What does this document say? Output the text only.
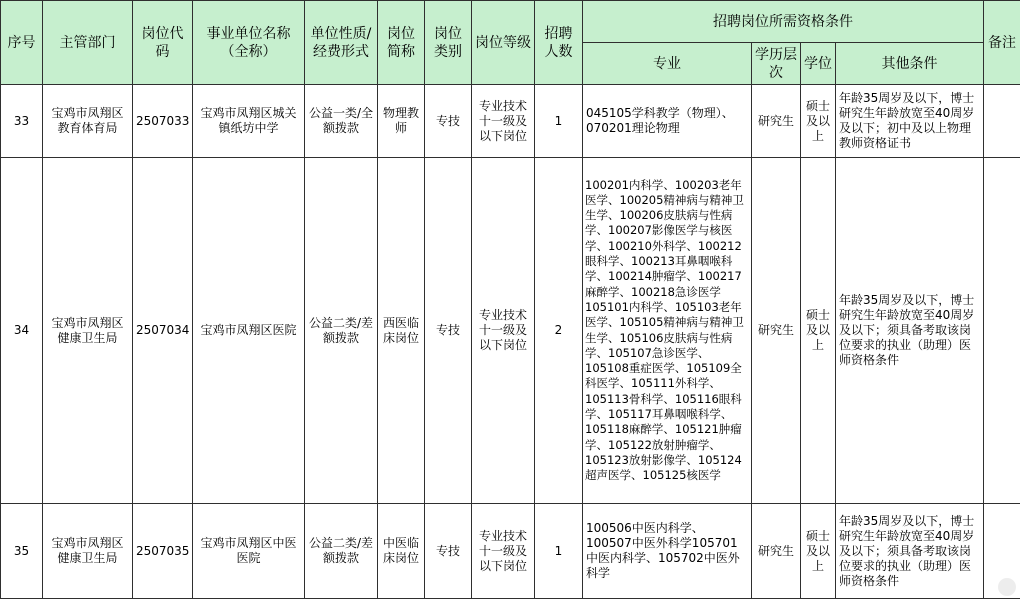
序号	主管部门	岗位代码	事业单位名称（全称）	单位性质/经费形式	岗位简称	岗位类别	岗位等级	招聘人数	招聘岗位所需资格条件				备注
									专业	学历层次	学位	其他条件	
33	宝鸡市凤翔区教育体育局	2507033	宝鸡市凤翔区城关镇纸坊中学	公益一类/全额拨款	物理教师	专技	专业技术十一级及以下岗位	1	045105学科教学（物理）、070201理论物理	研究生	硕士及以上	年龄35周岁及以下，博士研究生年龄放宽至40周岁及以下；初中及以上物理教师资格证书	
34	宝鸡市凤翔区健康卫生局	2507034	宝鸡市凤翔区医院	公益二类/差额拨款	西医临床岗位	专技	专业技术十一级及以下岗位	2	100201内科学、100203老年医学、100205精神病与精神卫生学、100206皮肤病与性病学、100207影像医学与核医学、100210外科学、100212眼科学、100213耳鼻咽喉科学、100214肿瘤学、100217麻醉学、100218急诊医学105101内科学、105103老年医学、105105精神病与精神卫生学、105106皮肤病与性病学、105107急诊医学、105108重症医学、105109全科医学、105111外科学、105113骨科学、105116眼科学、105117耳鼻咽喉科学、105118麻醉学、105121肿瘤学、105122放射肿瘤学、105123放射影像学、105124超声医学、105125核医学	研究生	硕士及以上	年龄35周岁及以下，博士研究生年龄放宽至40周岁及以下；须具备考取该岗位要求的执业（助理）医师资格条件	
35	宝鸡市凤翔区健康卫生局	2507035	宝鸡市凤翔区中医医院	公益二类/差额拨款	中医临床岗位	专技	专业技术十一级及以下岗位	1	100506中医内科学、100507中医外科学105701中医内科学、105702中医外科学	研究生	硕士及以上	年龄35周岁及以下，博士研究生年龄放宽至40周岁及以下；须具备考取该岗位要求的执业（助理）医师资格条件	
